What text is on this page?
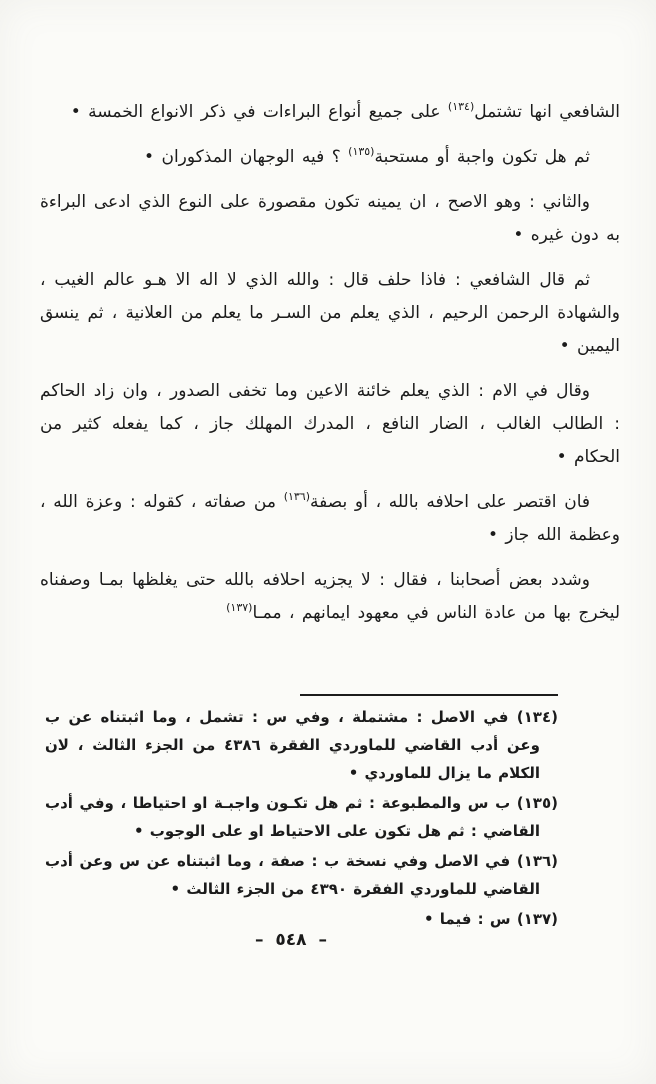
الشافعي انها تشتمل$^{(١٣٤)}$ على جميع أنواع البراءات في ذكر الانواع الخمسة •

ثم هل تكون واجبة أو مستحبة$^{(١٣٥)}$ ؟ فيه الوجهان المذكوران •

والثاني : وهو الاصح ، ان يمينه تكون مقصورة على النوع الذي ادعى البراءة به دون غيره •

ثم قال الشافعي : فاذا حلف قال : والله الذي لا اله الا هـو عالم الغيب ، والشهادة الرحمن الرحيم ، الذي يعلم من السـر ما يعلم من العلانية ، ثم ينسق اليمين •

وقال في الام : الذي يعلم خائنة الاعين وما تخفى الصدور ، وان زاد الحاكم : الطالب الغالب ، الضار النافع ، المدرك المهلك جاز ، كما يفعله كثير من الحكام •

فان اقتصر على احلافه بالله ، أو بصفة$^{(١٣٦)}$ من صفاته ، كقوله : وعزة الله ، وعظمة الله جاز •

وشدد بعض أصحابنا ، فقال : لا يجزيه احلافه بالله حتى يغلظها بمـا وصفناه ليخرج بها من عادة الناس في معهود ايمانهم ، ممـا$^{(١٣٧)}$

(١٣٤) في الاصل : مشتملة ، وفي س : تشمل ، وما اثبتناه عن ب وعن أدب القاضي للماوردي الفقرة ٤٣٨٦ من الجزء الثالث ، لان الكلام ما يزال للماوردي •

(١٣٥) ب س والمطبوعة : ثم هل تكـون واجبـة او احتياطا ، وفي أدب القاضي : ثم هل تكون على الاحتياط او على الوجوب •

(١٣٦) في الاصل وفي نسخة ب : صفة ، وما اثبتناه عن س وعن أدب القاضي للماوردي الفقرة ٤٣٩٠ من الجزء الثالث •

(١٣٧) س : فيما •

– ٥٤٨ –
